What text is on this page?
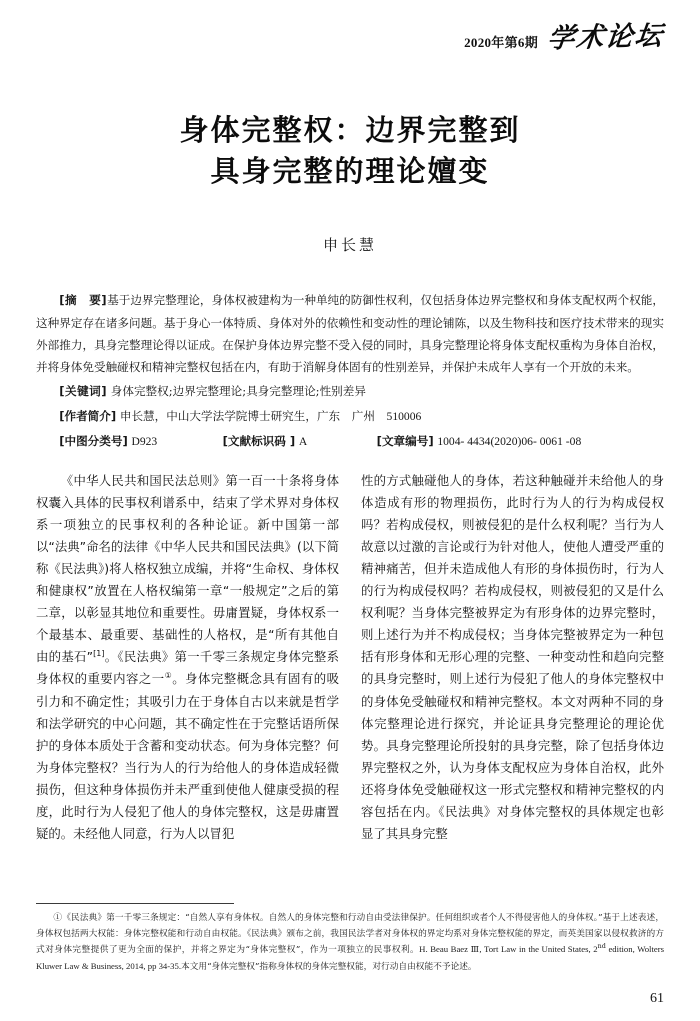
2020年第6期 学术论坛
身体完整权：边界完整到
具身完整的理论嬗变
申长慧
[摘　要]基于边界完整理论，身体权被建构为一种单纯的防御性权利，仅包括身体边界完整权和身体支配权两个权能，这种界定存在诸多问题。基于身心一体特质、身体对外的依赖性和变动性的理论铺陈，以及生物科技和医疗技术带来的现实外部推力，具身完整理论得以证成。在保护身体边界完整不受入侵的同时，具身完整理论将身体支配权重构为身体自治权，并将身体免受触碰权和精神完整权包括在内，有助于消解身体固有的性别差异，并保护未成年人享有一个开放的未来。
[关键词] 身体完整权;边界完整理论;具身完整理论;性别差异
[作者简介] 申长慧，中山大学法学院博士研究生，广东　广州　510006
[中图分类号] D923	[文献标识码 ] A	[文章编号] 1004- 4434(2020)06- 0061 -08

《中华人民共和国民法总则》第一百一十条将身体权囊入具体的民事权利谱系中，结束了学术界对身体权系一项独立的民事权利的各种论证。新中国第一部以“法典”命名的法律《中华人民共和国民法典》(以下简称《民法典》)将人格权独立成编，并将“生命权、身体权和健康权”放置在人格权编第一章“一般规定”之后的第二章，以彰显其地位和重要性。毋庸置疑，身体权系一个最基本、最重要、基础性的人格权，是“所有其他自由的基石”[1]。《民法典》第一千零三条规定身体完整系身体权的重要内容之一①。身体完整概念具有固有的吸引力和不确定性；其吸引力在于身体自古以来就是哲学和法学研究的中心问题，其不确定性在于完整话语所保护的身体本质处于含蓄和变动状态。何为身体完整？何为身体完整权？当行为人的行为给他人的身体造成轻微损伤，但这种身体损伤并未严重到使他人健康受损的程度，此时行为人侵犯了他人的身体完整权，这是毋庸置疑的。未经他人同意，行为人以冒犯

性的方式触碰他人的身体，若这种触碰并未给他人的身体造成有形的物理损伤，此时行为人的行为构成侵权吗？若构成侵权，则被侵犯的是什么权利呢？当行为人故意以过激的言论或行为针对他人，使他人遭受严重的精神痛苦，但并未造成他人有形的身体损伤时，行为人的行为构成侵权吗？若构成侵权，则被侵犯的又是什么权利呢？当身体完整被界定为有形身体的边界完整时，则上述行为并不构成侵权；当身体完整被界定为一种包括有形身体和无形心理的完整、一种变动性和趋向完整的具身完整时，则上述行为侵犯了他人的身体完整权中的身体免受触碰权和精神完整权。本文对两种不同的身体完整理论进行探究，并论证具身完整理论的理论优势。具身完整理论所投射的具身完整，除了包括身体边界完整权之外，认为身体支配权应为身体自治权，此外还将身体免受触碰权这一形式完整权和精神完整权的内容包括在内。《民法典》对身体完整权的具体规定也彰显了其具身完整

①《民法典》第一千零三条规定：“自然人享有身体权。自然人的身体完整和行动自由受法律保护。任何组织或者个人不得侵害他人的身体权。”基于上述表述，身体权包括两大权能：身体完整权能和行动自由权能。《民法典》颁布之前，我国民法学者对身体权的界定均系对身体完整权能的界定，而英美国家以侵权救济的方式对身体完整提供了更为全面的保护，并将之界定为“身体完整权”，作为一项独立的民事权利。H. Beau Baez Ⅲ, Tort Law in the United States, 2nd edition, Wolters Kluwer Law & Business, 2014, pp 34-35.本文用“身体完整权”指称身体权的身体完整权能，对行动自由权能不予论述。
61
